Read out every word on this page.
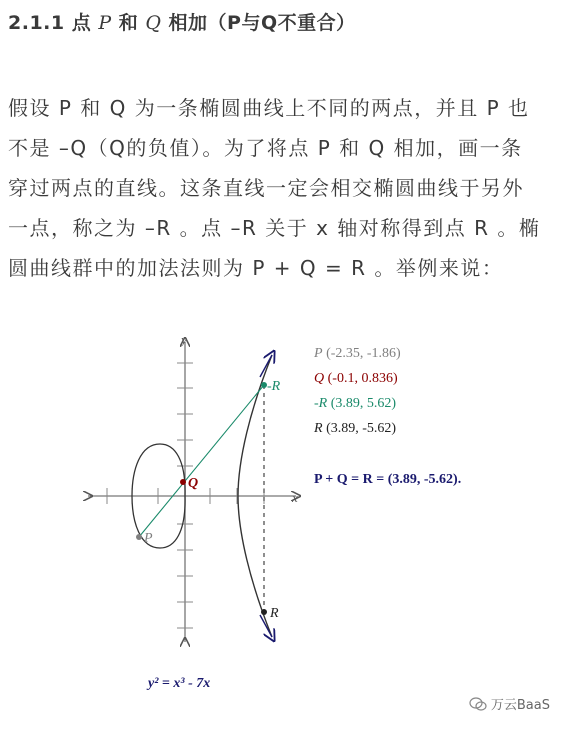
2.1.1 点 P 和 Q 相加（P与Q不重合）
假设 P 和 Q 为一条椭圆曲线上不同的两点，并且 P 也
不是 –Q（Q的负值）。为了将点 P 和 Q 相加，画一条
穿过两点的直线。这条直线一定会相交椭圆曲线于另外
一点，称之为 –R 。点 –R 关于 x 轴对称得到点 R 。椭
圆曲线群中的加法法则为 P + Q = R 。举例来说：
x
y
P
Q
-R
R
P (-2.35, -1.86)
Q (-0.1, 0.836)
-R (3.89, 5.62)
R (3.89, -5.62)
P + Q = R = (3.89, -5.62).
y² = x³ - 7x
万云BaaS
